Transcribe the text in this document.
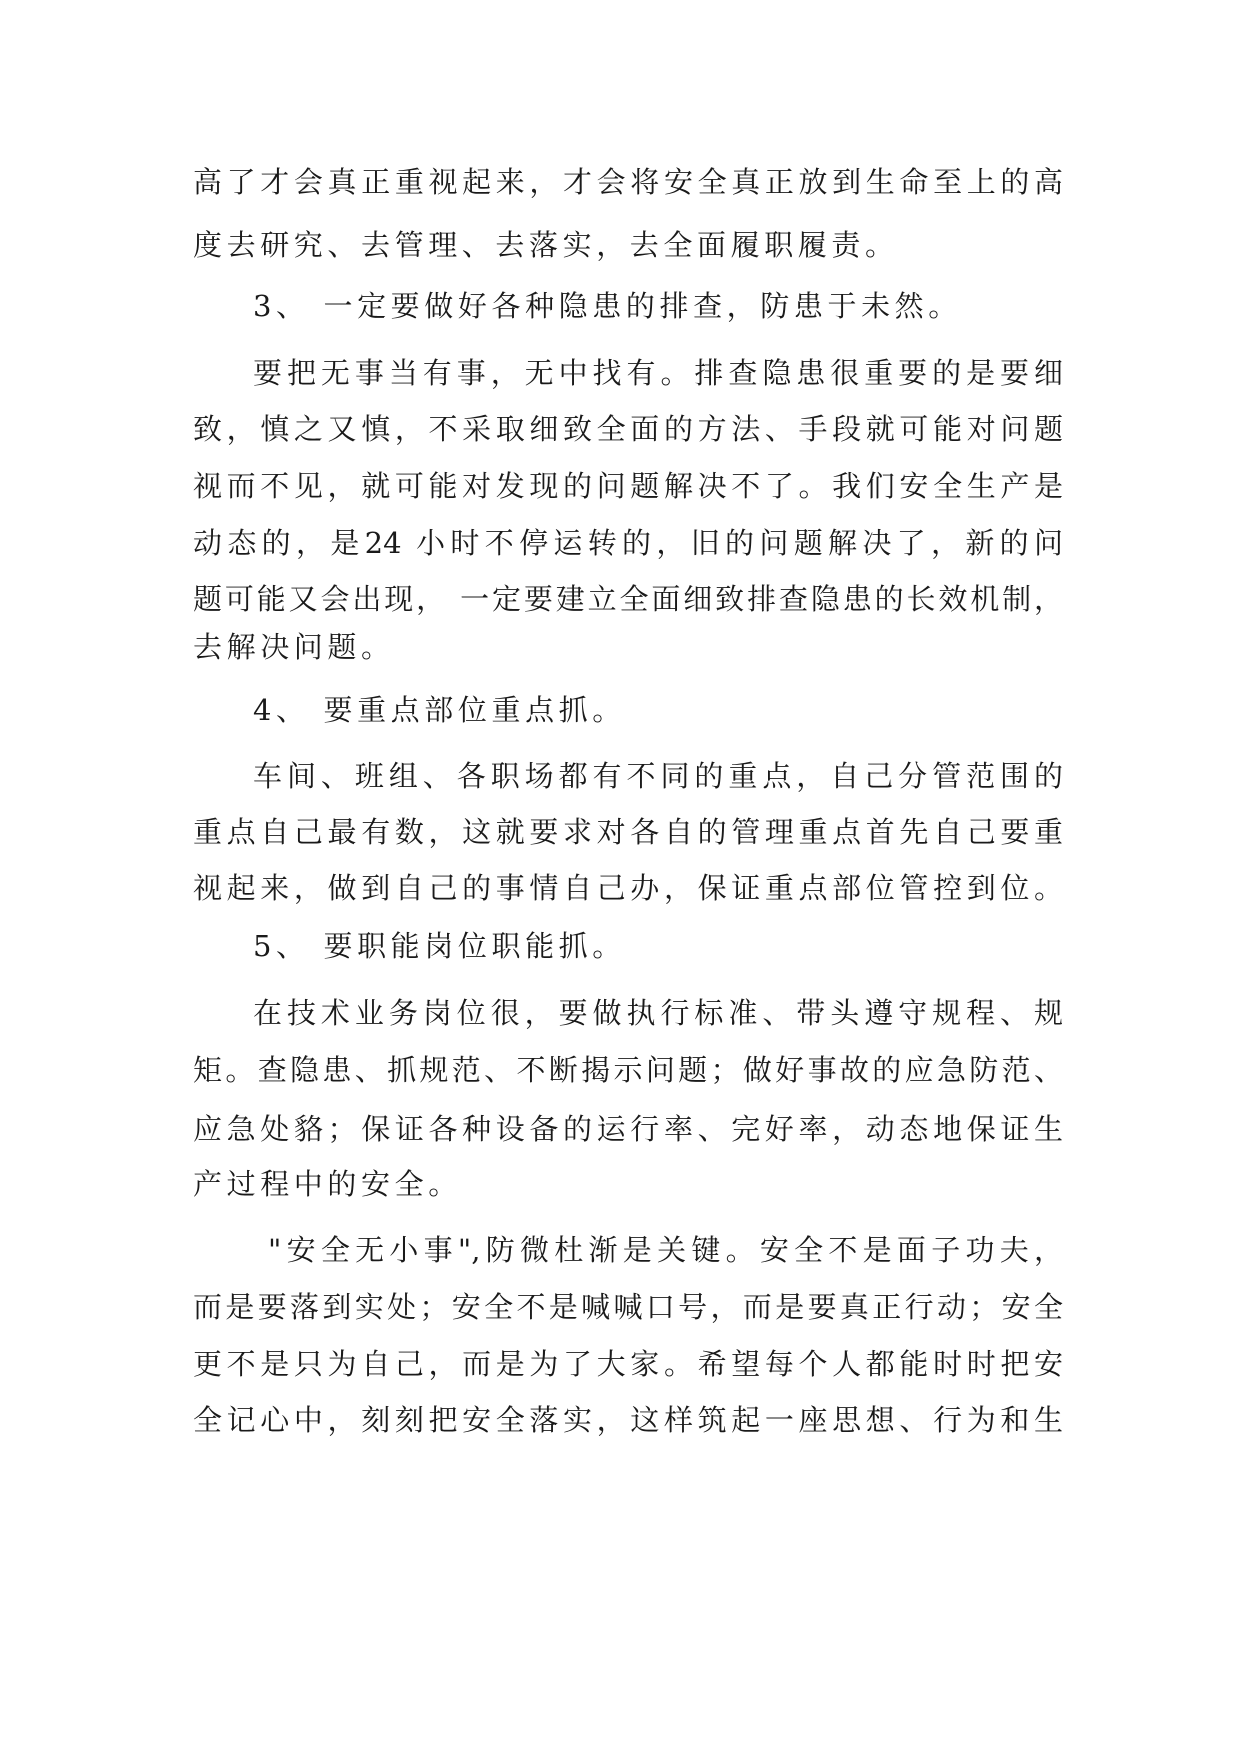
高了才会真正重视起来，才会将安全真正放到生命至上的高
度去研究、去管理、去落实，去全面履职履责。
3、 一定要做好各种隐患的排查，防患于未然。
要把无事当有事，无中找有。排查隐患很重要的是要细
致，慎之又慎，不采取细致全面的方法、手段就可能对问题
视而不见，就可能对发现的问题解决不了。我们安全生产是
动态的，是24 小时不停运转的，旧的问题解决了，新的问
题可能又会出现， 一定要建立全面细致排查隐患的长效机制，
去解决问题。
4、 要重点部位重点抓。
车间、班组、各职场都有不同的重点，自己分管范围的
重点自己最有数，这就要求对各自的管理重点首先自己要重
视起来，做到自己的事情自己办，保证重点部位管控到位。
5、 要职能岗位职能抓。
在技术业务岗位很，要做执行标准、带头遵守规程、规
矩。查隐患、抓规范、不断揭示问题；做好事故的应急防范、
应急处貉；保证各种设备的运行率、完好率，动态地保证生
产过程中的安全。
"安全无小事",防微杜渐是关键。安全不是面子功夫，
而是要落到实处；安全不是喊喊口号，而是要真正行动；安全
更不是只为自己，而是为了大家。希望每个人都能时时把安
全记心中，刻刻把安全落实，这样筑起一座思想、行为和生
